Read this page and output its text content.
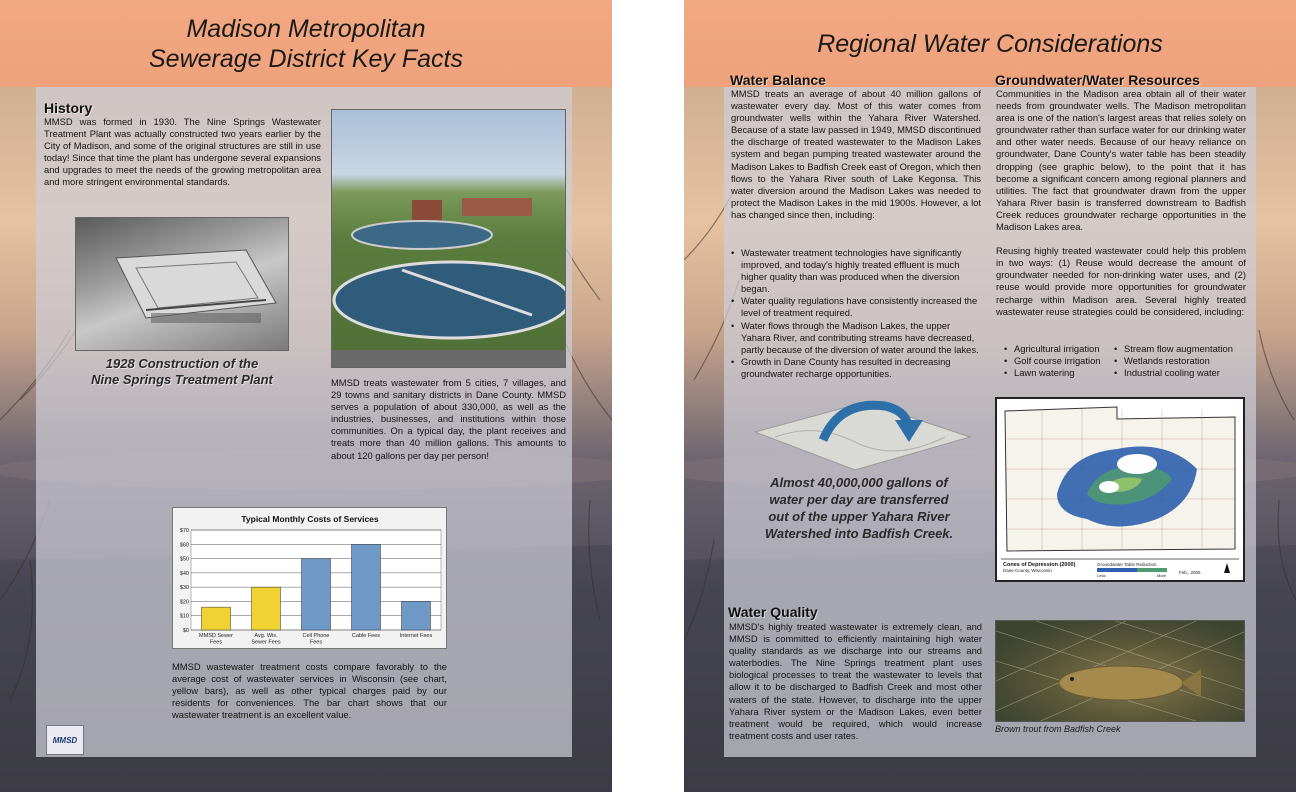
Madison Metropolitan
Sewerage District Key Facts
History
MMSD was formed in 1930. The Nine Springs Wastewater Treatment Plant was actually constructed two years earlier by the City of Madison, and some of the original structures are still in use today! Since that time the plant has undergone several expansions and upgrades to meet the needs of the growing metropolitan area and more stringent environmental standards.
1928 Construction of the
Nine Springs Treatment Plant	MMSD treats wastewater from 5 cities, 7 villages, and 29 towns and sanitary districts in Dane County. MMSD serves a population of about 330,000, as well as the industries, businesses, and institutions within those communities. On a typical day, the plant receives and treats more than 40 million gallons. This amounts to about 120 gallons per day per person!
Typical Monthly Costs of Services
$0
$10
$20
$30
$40
$50
$60
$70
MMSD Sewer
Fees
Avg. Wis.
Sewer Fees
Cell Phone
Fees
Cable Fees	Internet Fees
MMSD wastewater treatment costs compare favorably to the average cost of wastewater services in Wisconsin (see chart, yellow bars), as well as other typical charges paid by our residents for conveniences. The bar chart shows that our wastewater treatment is an excellent value.
MMSD
Regional Water Considerations
Water Balance
MMSD treats an average of about 40 million gallons of wastewater every day. Most of this water comes from groundwater wells within the Yahara River Watershed. Because of a state law passed in 1949, MMSD discontinued the discharge of treated wastewater to the Madison Lakes system and began pumping treated wastewater around the Madison Lakes to Badfish Creek east of Oregon, which then flows to the Yahara River south of Lake Kegonsa. This water diversion around the Madison Lakes was needed to protect the Madison Lakes in the mid 1900s. However, a lot has changed since then, including:
• Wastewater treatment technologies have significantly improved, and today's highly treated effluent is much higher quality than was produced when the diversion began.
• Water quality regulations have consistently increased the level of treatment required.
• Water flows through the Madison Lakes, the upper Yahara River, and contributing streams have decreased, partly because of the diversion of water around the lakes.
• Growth in Dane County has resulted in decreasing groundwater recharge opportunities.
Almost 40,000,000 gallons of
water per day are transferred
out of the upper Yahara River
Watershed into Badfish Creek.
Groundwater/Water Resources

Communities in the Madison area obtain all of their water needs from groundwater wells. The Madison metropolitan area is one of the nation's largest areas that relies solely on groundwater rather than surface water for our drinking water and other water needs. Because of our heavy reliance on groundwater, Dane County's water table has been steadily dropping (see graphic below), to the point that it has become a significant concern among regional planners and utilities. The fact that groundwater drawn from the upper Yahara River basin is transferred downstream to Badfish Creek reduces groundwater recharge opportunities in the Madison Lakes area.

Reusing highly treated wastewater could help this problem in two ways: (1) Reuse would decrease the amount of groundwater needed for non-drinking water uses, and (2) reuse would provide more opportunities for groundwater recharge within Madison area. Several highly treated wastewater reuse strategies could be considered, including:

• Agricultural irrigation
• Golf course irrigation
• Lawn watering
• Stream flow augmentation
• Wetlands restoration
• Industrial cooling water
Cones of Depression (2000)
Dane County, Wisconsin
Groundwater Table Reduction
Less	More
Feb., 2005
Water Quality
MMSD's highly treated wastewater is extremely clean, and MMSD is committed to efficiently maintaining high water quality standards as we discharge into our streams and waterbodies. The Nine Springs treatment plant uses biological processes to treat the wastewater to levels that allow it to be discharged to Badfish Creek and most other waters of the state. However, to discharge into the upper Yahara River system or the Madison Lakes, even better treatment would be required, which would increase treatment costs and user rates.
Brown trout from Badfish Creek
